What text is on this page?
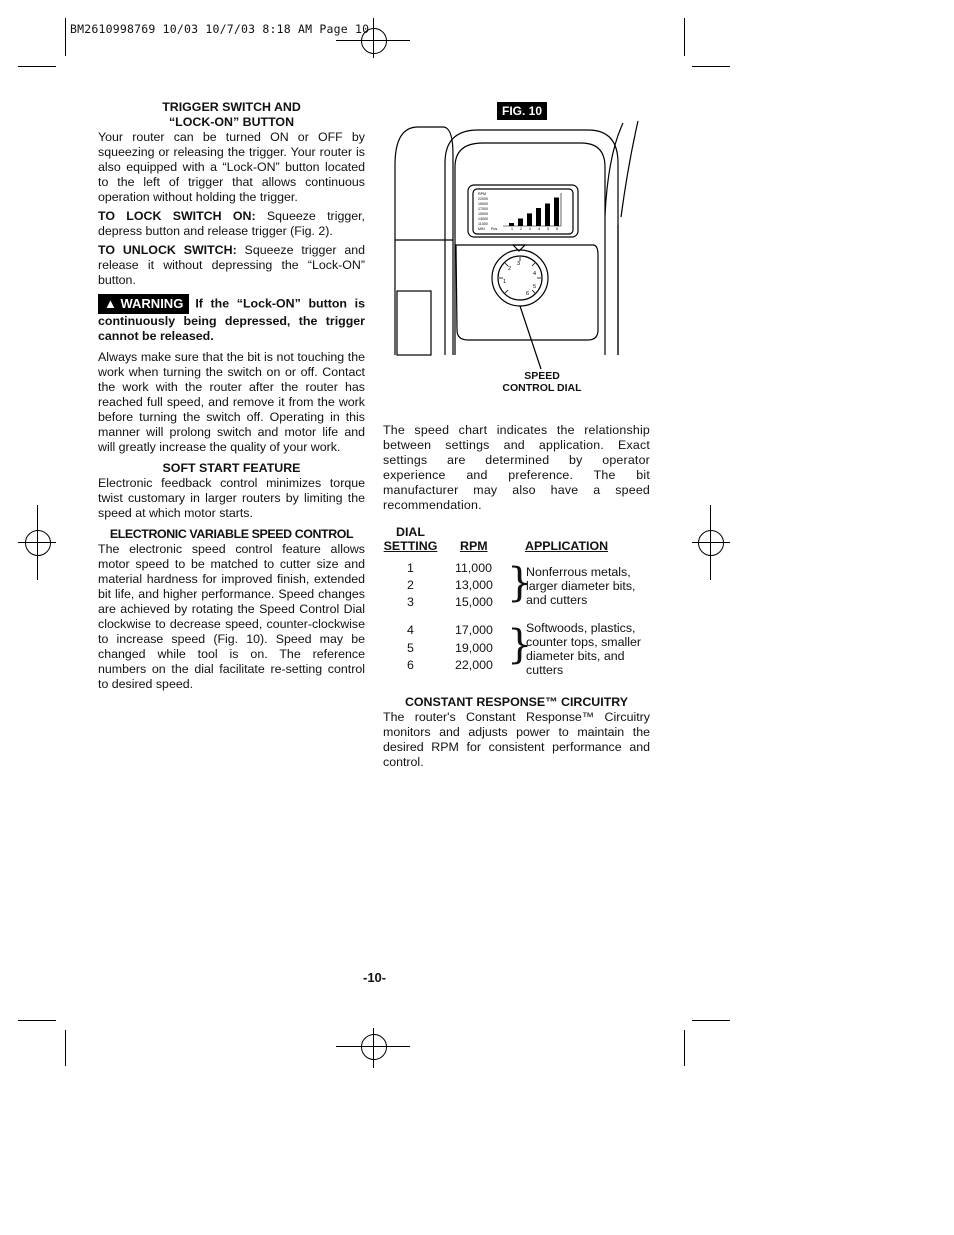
BM2610998769 10/03 10/7/03 8:18 AM Page 10

TRIGGER SWITCH AND

“LOCK-ON” BUTTON

Your router can be turned ON or OFF by squeezing or releasing the trigger. Your router is also equipped with a “Lock-ON” button located to the left of trigger that allows continuous operation without holding the trigger.

TO LOCK SWITCH ON: Squeeze trigger, depress button and release trigger (Fig. 2).

TO UNLOCK SWITCH: Squeeze trigger and release it without depressing the “Lock-ON” button.

▲ WARNING If the “Lock-ON” button is continuously being depressed, the trigger cannot be released.

Always make sure that the bit is not touching the work when turning the switch on or off. Contact the work with the router after the router has reached full speed, and remove it from the work before turning the switch off. Operating in this manner will prolong switch and motor life and will greatly increase the quality of your work.

SOFT START FEATURE

Electronic feedback control minimizes torque twist customary in larger routers by limiting the speed at which motor starts.

ELECTRONIC VARIABLE SPEED CONTROL

The electronic speed control feature allows motor speed to be matched to cutter size and material hardness for improved finish, extended bit life, and higher performance. Speed changes are achieved by rotating the Speed Control Dial clockwise to decrease speed, counter-clockwise to increase speed (Fig. 10). Speed may be changed while tool is on. The reference numbers on the dial facilitate re-setting control to desired speed.

FIG. 10
3
4
5
6
1
2
RPM
22000
19000
17000
15000
13000
11000
MIN Pos.	1 2 3 4 5 6
SPEED
CONTROL DIAL

The speed chart indicates the relationship between settings and application. Exact settings are determined by operator experience and preference. The bit manufacturer may also have a speed recommendation.

DIAL
SETTING RPM	APPLICATION
1	11,000
2	13,000
3	15,000 }
Nonferrous metals,
larger diameter bits,
and cutters
4	17,000
5	19,000
6	22,000 }
Softwoods, plastics,
counter tops, smaller
diameter bits, and
cutters

CONSTANT RESPONSE™ CIRCUITRY

The router's Constant Response™ Circuitry monitors and adjusts power to maintain the desired RPM for consistent performance and control.

-10-
